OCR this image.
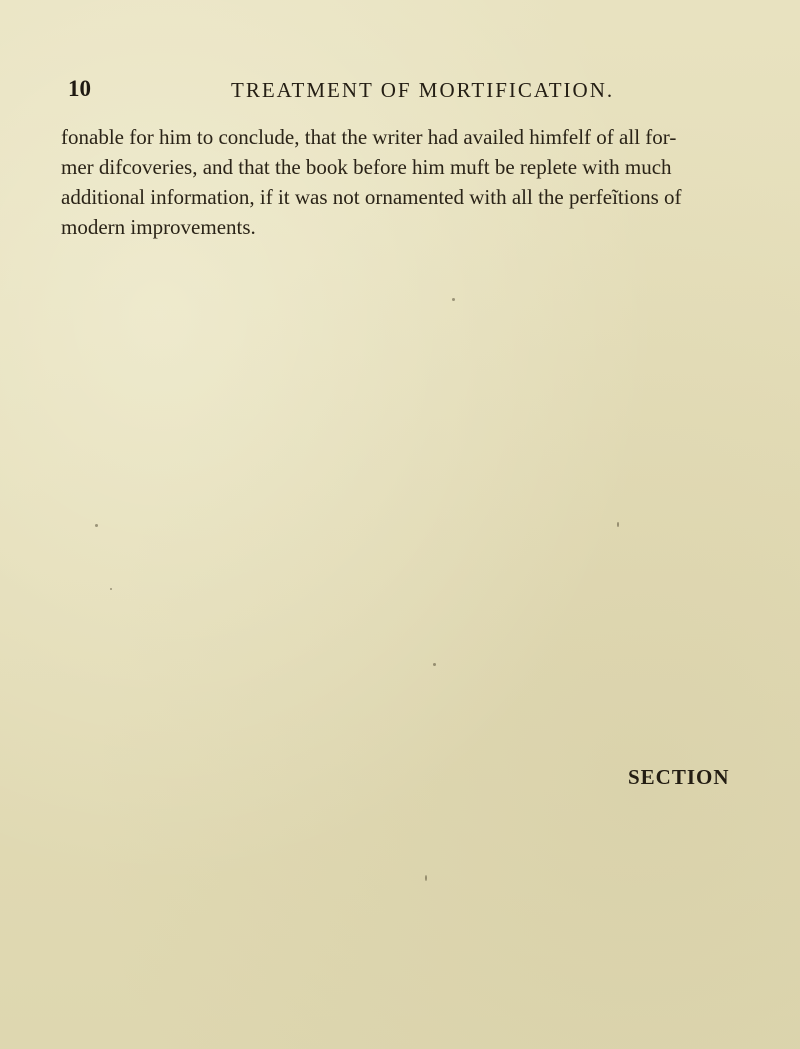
10	TREATMENT OF MORTIFICATION.
fonable for him to conclude, that the writer had availed himfelf of all for-
mer difcoveries, and that the book before him muft be replete with much
additional information, if it was not ornamented with all the perfeĩtions of
modern improvements.
SECTION
